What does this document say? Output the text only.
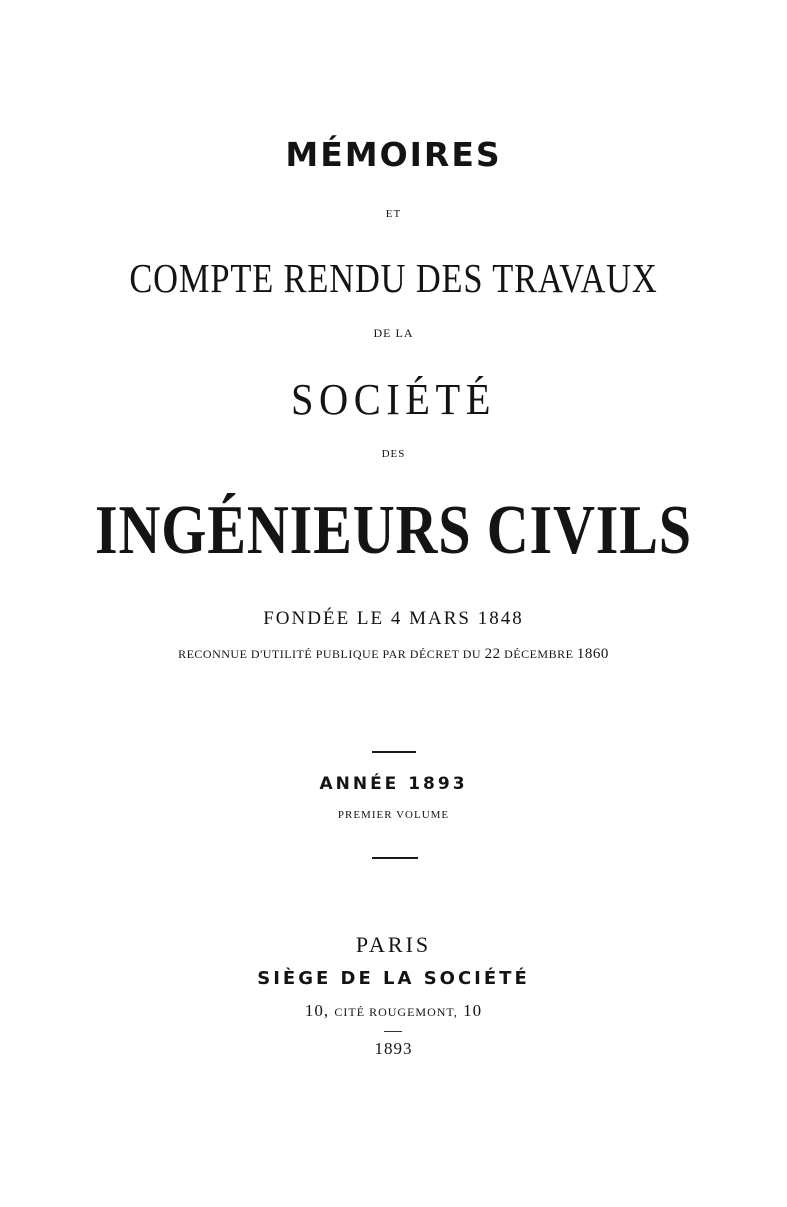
MÉMOIRES
ET
COMPTE RENDU DES TRAVAUX
DE LA
SOCIÉTÉ
DES
INGÉNIEURS CIVILS
FONDÉE LE 4 MARS 1848
RECONNUE D'UTILITÉ PUBLIQUE PAR DÉCRET DU 22 DÉCEMBRE 1860
ANNÉE 1893
PREMIER VOLUME
PARIS
SIÈGE DE LA SOCIÉTÉ
10, CITÉ ROUGEMONT, 10
1893
